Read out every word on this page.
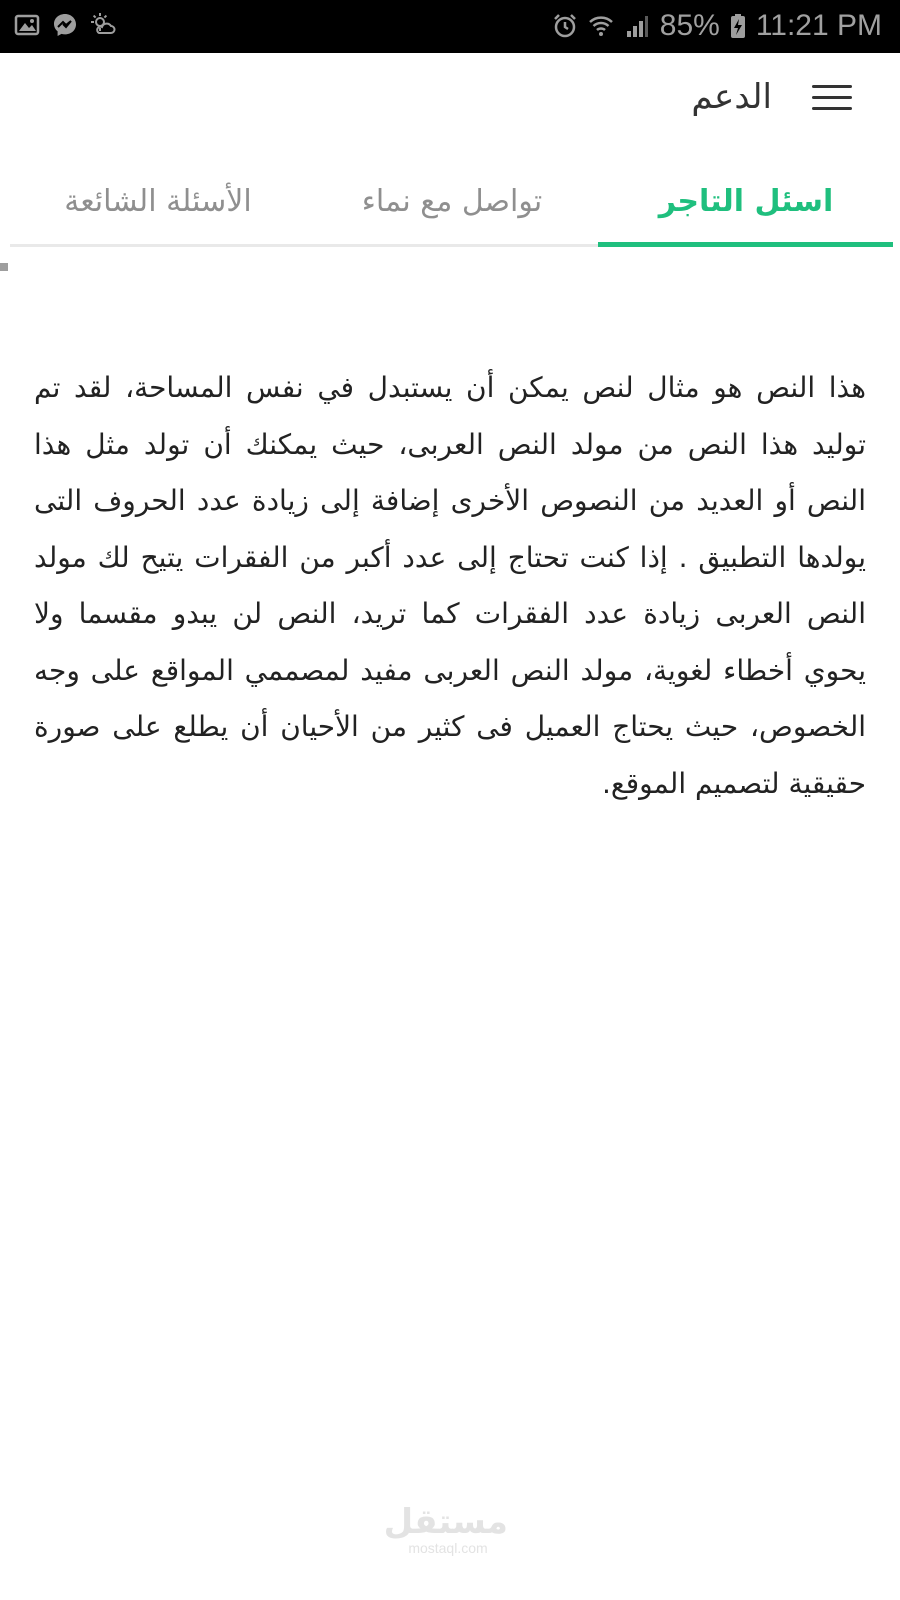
85% 11:21 PM
الدعم
اسئل التاجر
تواصل مع نماء
الأسئلة الشائعة
هذا النص هو مثال لنص يمكن أن يستبدل في نفس المساحة، لقد تم توليد هذا النص من مولد النص العربى، حيث يمكنك أن تولد مثل هذا النص أو العديد من النصوص الأخرى إضافة إلى زيادة عدد الحروف التى يولدها التطبيق . إذا كنت تحتاج إلى عدد أكبر من الفقرات يتيح لك مولد النص العربى زيادة عدد الفقرات كما تريد، النص لن يبدو مقسما ولا يحوي أخطاء لغوية، مولد النص العربى مفيد لمصممي المواقع على وجه الخصوص، حيث يحتاج العميل فى كثير من الأحيان أن يطلع على صورة حقيقية لتصميم الموقع.
مستقل
mostaql.com
